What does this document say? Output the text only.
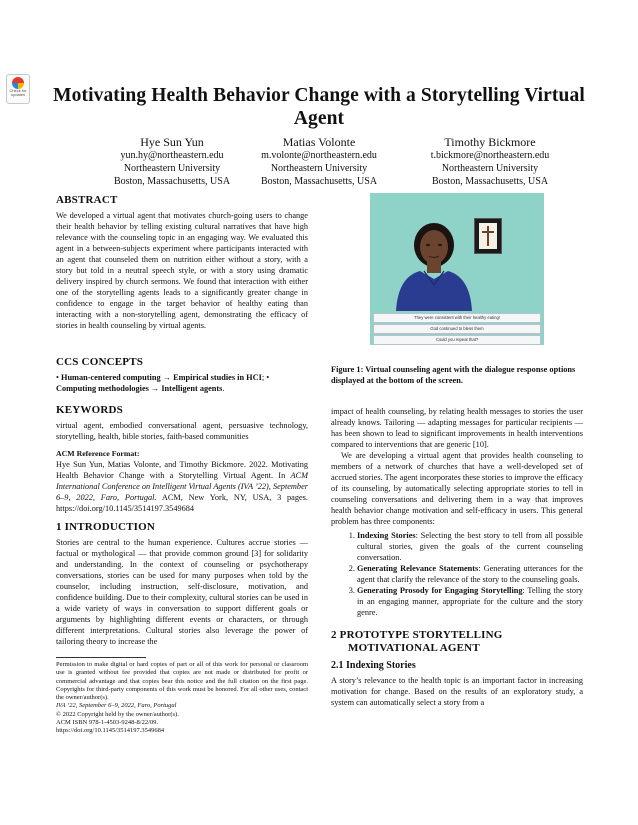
Check for updates	Motivating Health Behavior Change with a Storytelling Virtual Agent
Hye Sun Yun
yun.hy@northeastern.edu
Northeastern University
Boston, Massachusetts, USA
Matias Volonte
m.volonte@northeastern.edu
Northeastern University
Boston, Massachusetts, USA
Timothy Bickmore
t.bickmore@northeastern.edu
Northeastern University
Boston, Massachusetts, USA
ABSTRACT

We developed a virtual agent that motivates church-going users to change their health behavior by telling existing cultural narratives that have high relevance with the counseling topic in an engaging way. We evaluated this agent in a between-subjects experiment where participants interacted with an agent that counseled them on nutrition either without a story, with a story but told in a neutral speech style, or with a story using dramatic delivery inspired by church sermons. We found that interaction with either one of the storytelling agents leads to a significantly greater change in confidence to engage in the target behavior of healthy eating than interacting with a non-storytelling agent, demonstrating the efficacy of stories in health counseling by virtual agents.

CCS CONCEPTS

• Human-centered computing → Empirical studies in HCI; • Computing methodologies → Intelligent agents.

KEYWORDS

virtual agent, embodied conversational agent, persuasive technology, storytelling, health, bible stories, faith-based communities

ACM Reference Format:

Hye Sun Yun, Matias Volonte, and Timothy Bickmore. 2022. Motivating Health Behavior Change with a Storytelling Virtual Agent. In ACM International Conference on Intelligent Virtual Agents (IVA ’22), September 6–9, 2022, Faro, Portugal. ACM, New York, NY, USA, 3 pages. https://doi.org/10.1145/3514197.3549684

1 INTRODUCTION

Stories are central to the human experience. Cultures accrue stories — factual or mythological — that provide common ground [3] for solidarity and understanding. In the context of counseling or psychotherapy conversations, stories can be used for many purposes when told by the counselor, including instruction, self-disclosure, motivation, and confidence building. Due to their complexity, cultural stories can be used in a wide variety of ways in conversation to support different goals or arguments by highlighting different events or characters, or through different interpretations. Cultural stories also leverage the power of tailoring theory to increase the

Permission to make digital or hard copies of part or all of this work for personal or classroom use is granted without fee provided that copies are not made or distributed for profit or commercial advantage and that copies bear this notice and the full citation on the first page. Copyrights for third-party components of this work must be honored. For all other uses, contact the owner/author(s).
IVA ’22, September 6–9, 2022, Faro, Portugal
© 2022 Copyright held by the owner/author(s).
ACM ISBN 978-1-4503-9248-8/22/09.
https://doi.org/10.1145/3514197.3549684
They were consistent with their healthy eating!
God continued to bless them
Could you repeat that?
Figure 1: Virtual counseling agent with the dialogue response options displayed at the bottom of the screen.

impact of health counseling, by relating health messages to stories the user already knows. Tailoring — adapting messages for particular recipients — has been shown to lead to significant improvements in health interventions compared to interventions that are generic [10].

We are developing a virtual agent that provides health counseling to members of a network of churches that have a well-developed set of accrued stories. The agent incorporates these stories to improve the efficacy of its counseling, by automatically selecting appropriate stories to tell in counseling conversations and delivering them in a way that improves health behavior change motivation and self-efficacy in users. This general problem has three components:

1. Indexing Stories: Selecting the best story to tell from all possible cultural stories, given the goals of the current counseling conversation.
2. Generating Relevance Statements: Generating utterances for the agent that clarify the relevance of the story to the counseling goals.
3. Generating Prosody for Engaging Storytelling: Telling the story in an engaging manner, appropriate for the culture and the story genre.
2 PROTOTYPE STORYTELLING
MOTIVATIONAL AGENT
2.1 Indexing Stories

A story’s relevance to the health topic is an important factor in increasing motivation for change. Based on the results of an exploratory study, a system can automatically select a story from a
